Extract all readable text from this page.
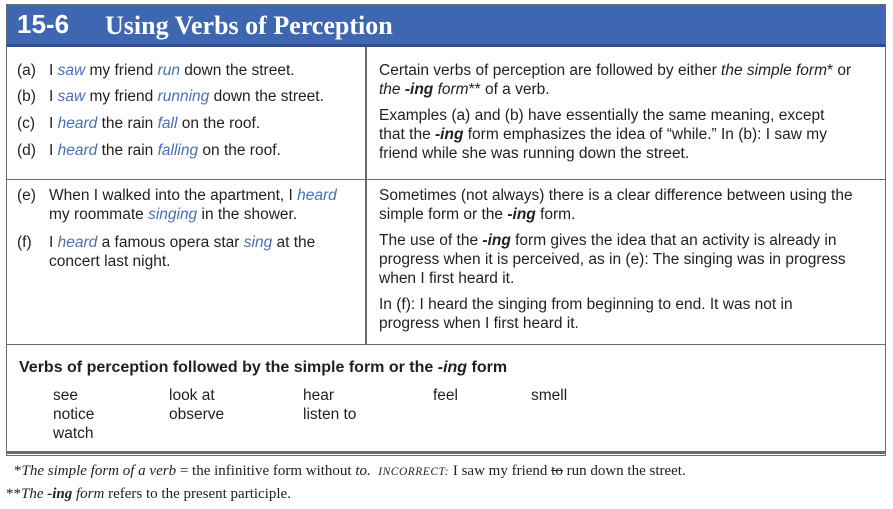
15-6 Using Verbs of Perception
(a) I saw my friend run down the street.
(b) I saw my friend running down the street.
(c) I heard the rain fall on the roof.
(d) I heard the rain falling on the roof.

Certain verbs of perception are followed by either the simple form* or
the -ing form** of a verb.

Examples (a) and (b) have essentially the same meaning, except
that the -ing form emphasizes the idea of “while.” In (b): I saw my
friend while she was running down the street.

(e) When I walked into the apartment, I heard
my roommate singing in the shower.
(f) I heard a famous opera star sing at the
concert last night.

Sometimes (not always) there is a clear difference between using the
simple form or the -ing form.

The use of the -ing form gives the idea that an activity is already in
progress when it is perceived, as in (e): The singing was in progress
when I first heard it.

In (f): I heard the singing from beginning to end. It was not in
progress when I first heard it.

Verbs of perception followed by the simple form or the -ing form
see
notice
watch
look at
observe
hear
listen to
feel	smell
*The simple form of a verb = the infinitive form without to. INCORRECT: I saw my friend to run down the street.
**The -ing form refers to the present participle.
